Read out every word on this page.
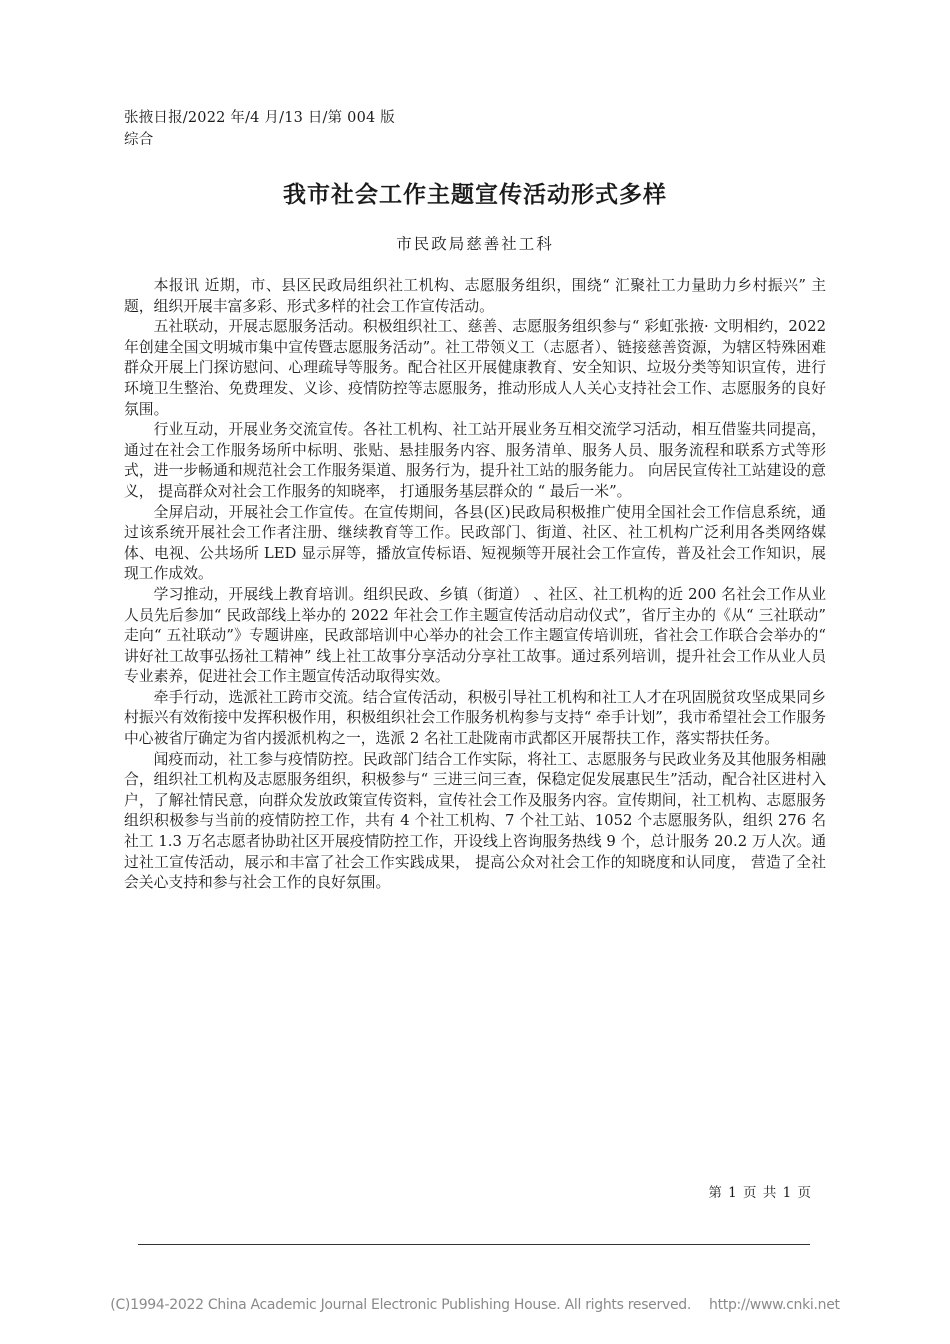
张掖日报/2022 年/4 月/13 日/第 004 版综合
我市社会工作主题宣传活动形式多样
市民政局慈善社工科

本报讯 近期，市、县区民政局组织社工机构、志愿服务组织，围绕“ 汇聚社工力量助力乡村振兴” 主题，组织开展丰富多彩、形式多样的社会工作宣传活动。

五社联动，开展志愿服务活动。积极组织社工、慈善、志愿服务组织参与“ 彩虹张掖· 文明相约，2022 年创建全国文明城市集中宣传暨志愿服务活动”。社工带领义工（志愿者）、链接慈善资源，为辖区特殊困难群众开展上门探访慰问、心理疏导等服务。配合社区开展健康教育、安全知识、垃圾分类等知识宣传，进行环境卫生整治、免费理发、义诊、疫情防控等志愿服务，推动形成人人关心支持社会工作、志愿服务的良好氛围。

行业互动，开展业务交流宣传。各社工机构、社工站开展业务互相交流学习活动，相互借鉴共同提高，通过在社会工作服务场所中标明、张贴、悬挂服务内容、服务清单、服务人员、服务流程和联系方式等形式，进一步畅通和规范社会工作服务渠道、服务行为，提升社工站的服务能力。 向居民宣传社工站建设的意义， 提高群众对社会工作服务的知晓率， 打通服务基层群众的 “ 最后一米”。

全屏启动，开展社会工作宣传。在宣传期间，各县(区)民政局积极推广使用全国社会工作信息系统，通过该系统开展社会工作者注册、继续教育等工作。民政部门、街道、社区、社工机构广泛利用各类网络媒体、电视、公共场所 LED 显示屏等，播放宣传标语、短视频等开展社会工作宣传，普及社会工作知识，展现工作成效。

学习推动，开展线上教育培训。组织民政、乡镇（街道） 、社区、社工机构的近 200 名社会工作从业人员先后参加“ 民政部线上举办的 2022 年社会工作主题宣传活动启动仪式”，省厅主办的《从“ 三社联动” 走向“ 五社联动”》专题讲座，民政部培训中心举办的社会工作主题宣传培训班，省社会工作联合会举办的“ 讲好社工故事弘扬社工精神” 线上社工故事分享活动分享社工故事。通过系列培训，提升社会工作从业人员专业素养，促进社会工作主题宣传活动取得实效。

牵手行动，选派社工跨市交流。结合宣传活动，积极引导社工机构和社工人才在巩固脱贫攻坚成果同乡村振兴有效衔接中发挥积极作用，积极组织社会工作服务机构参与支持“ 牵手计划”，我市希望社会工作服务中心被省厅确定为省内援派机构之一，选派 2 名社工赴陇南市武都区开展帮扶工作，落实帮扶任务。

闻疫而动，社工参与疫情防控。民政部门结合工作实际，将社工、志愿服务与民政业务及其他服务相融合，组织社工机构及志愿服务组织，积极参与“ 三进三问三查，保稳定促发展惠民生”活动，配合社区进村入户，了解社情民意，向群众发放政策宣传资料，宣传社会工作及服务内容。宣传期间，社工机构、志愿服务组织积极参与当前的疫情防控工作，共有 4 个社工机构、7 个社工站、1052 个志愿服务队，组织 276 名社工 1.3 万名志愿者协助社区开展疫情防控工作，开设线上咨询服务热线 9 个，总计服务 20.2 万人次。通过社工宣传活动，展示和丰富了社会工作实践成果， 提高公众对社会工作的知晓度和认同度， 营造了全社会关心支持和参与社会工作的良好氛围。

第 1 页 共 1 页
(C)1994-2022 China Academic Journal Electronic Publishing House. All rights reserved. http://www.cnki.net
